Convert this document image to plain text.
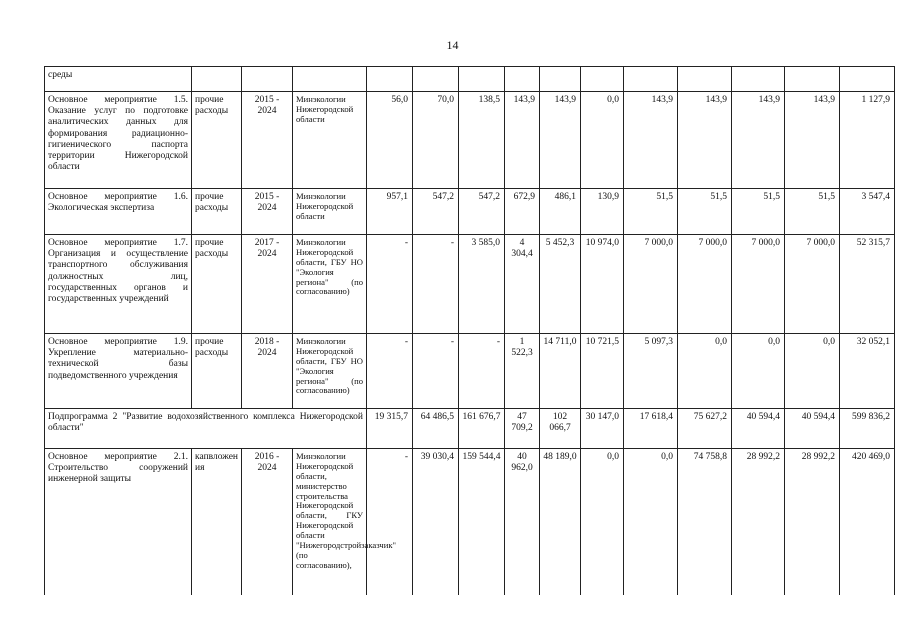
14
среды														
Основное мероприятие 1.5. Оказание услуг по подготовке аналитических данных для формирования радиационно-гигиенического паспорта территории Нижегородской области	прочие расходы	2015 - 2024	Минэкологии Нижегородской области	56,0	70,0	138,5	143,9	143,9	0,0	143,9	143,9	143,9	143,9	1 127,9
Основное мероприятие 1.6. Экологическая экспертиза	прочие расходы	2015 - 2024	Минэкологии Нижегородской области	957,1	547,2	547,2	672,9	486,1	130,9	51,5	51,5	51,5	51,5	3 547,4
Основное мероприятие 1.7. Организация и осуществление транспортного обслуживания должностных лиц, государственных органов и государственных учреждений	прочие расходы	2017 - 2024	Минэкологии Нижегородской области, ГБУ НО "Экология региона" (по согласованию)	-	-	3 585,0	4 304,4	5 452,3	10 974,0	7 000,0	7 000,0	7 000,0	7 000,0	52 315,7
Основное мероприятие 1.9. Укрепление материально-технической базы подведомственного учреждения	прочие расходы	2018 - 2024	Минэкологии Нижегородской области, ГБУ НО "Экология региона" (по согласованию)	-	-	-	1 522,3	14 711,0	10 721,5	5 097,3	0,0	0,0	0,0	32 052,1
Подпрограмма 2 "Развитие водохозяйственного комплекса Нижегородской области"				19 315,7	64 486,5	161 676,7	47 709,2	102 066,7	30 147,0	17 618,4	75 627,2	40 594,4	40 594,4	599 836,2
Основное мероприятие 2.1. Строительство сооружений инженерной защиты	капвложения	2016 - 2024	Минэкологии Нижегородской области, министерство строительства Нижегородской области, ГКУ Нижегородской области "Нижегородстройзаказчик" (по согласованию),	-	39 030,4	159 544,4	40 962,0	48 189,0	0,0	0,0	74 758,8	28 992,2	28 992,2	420 469,0
